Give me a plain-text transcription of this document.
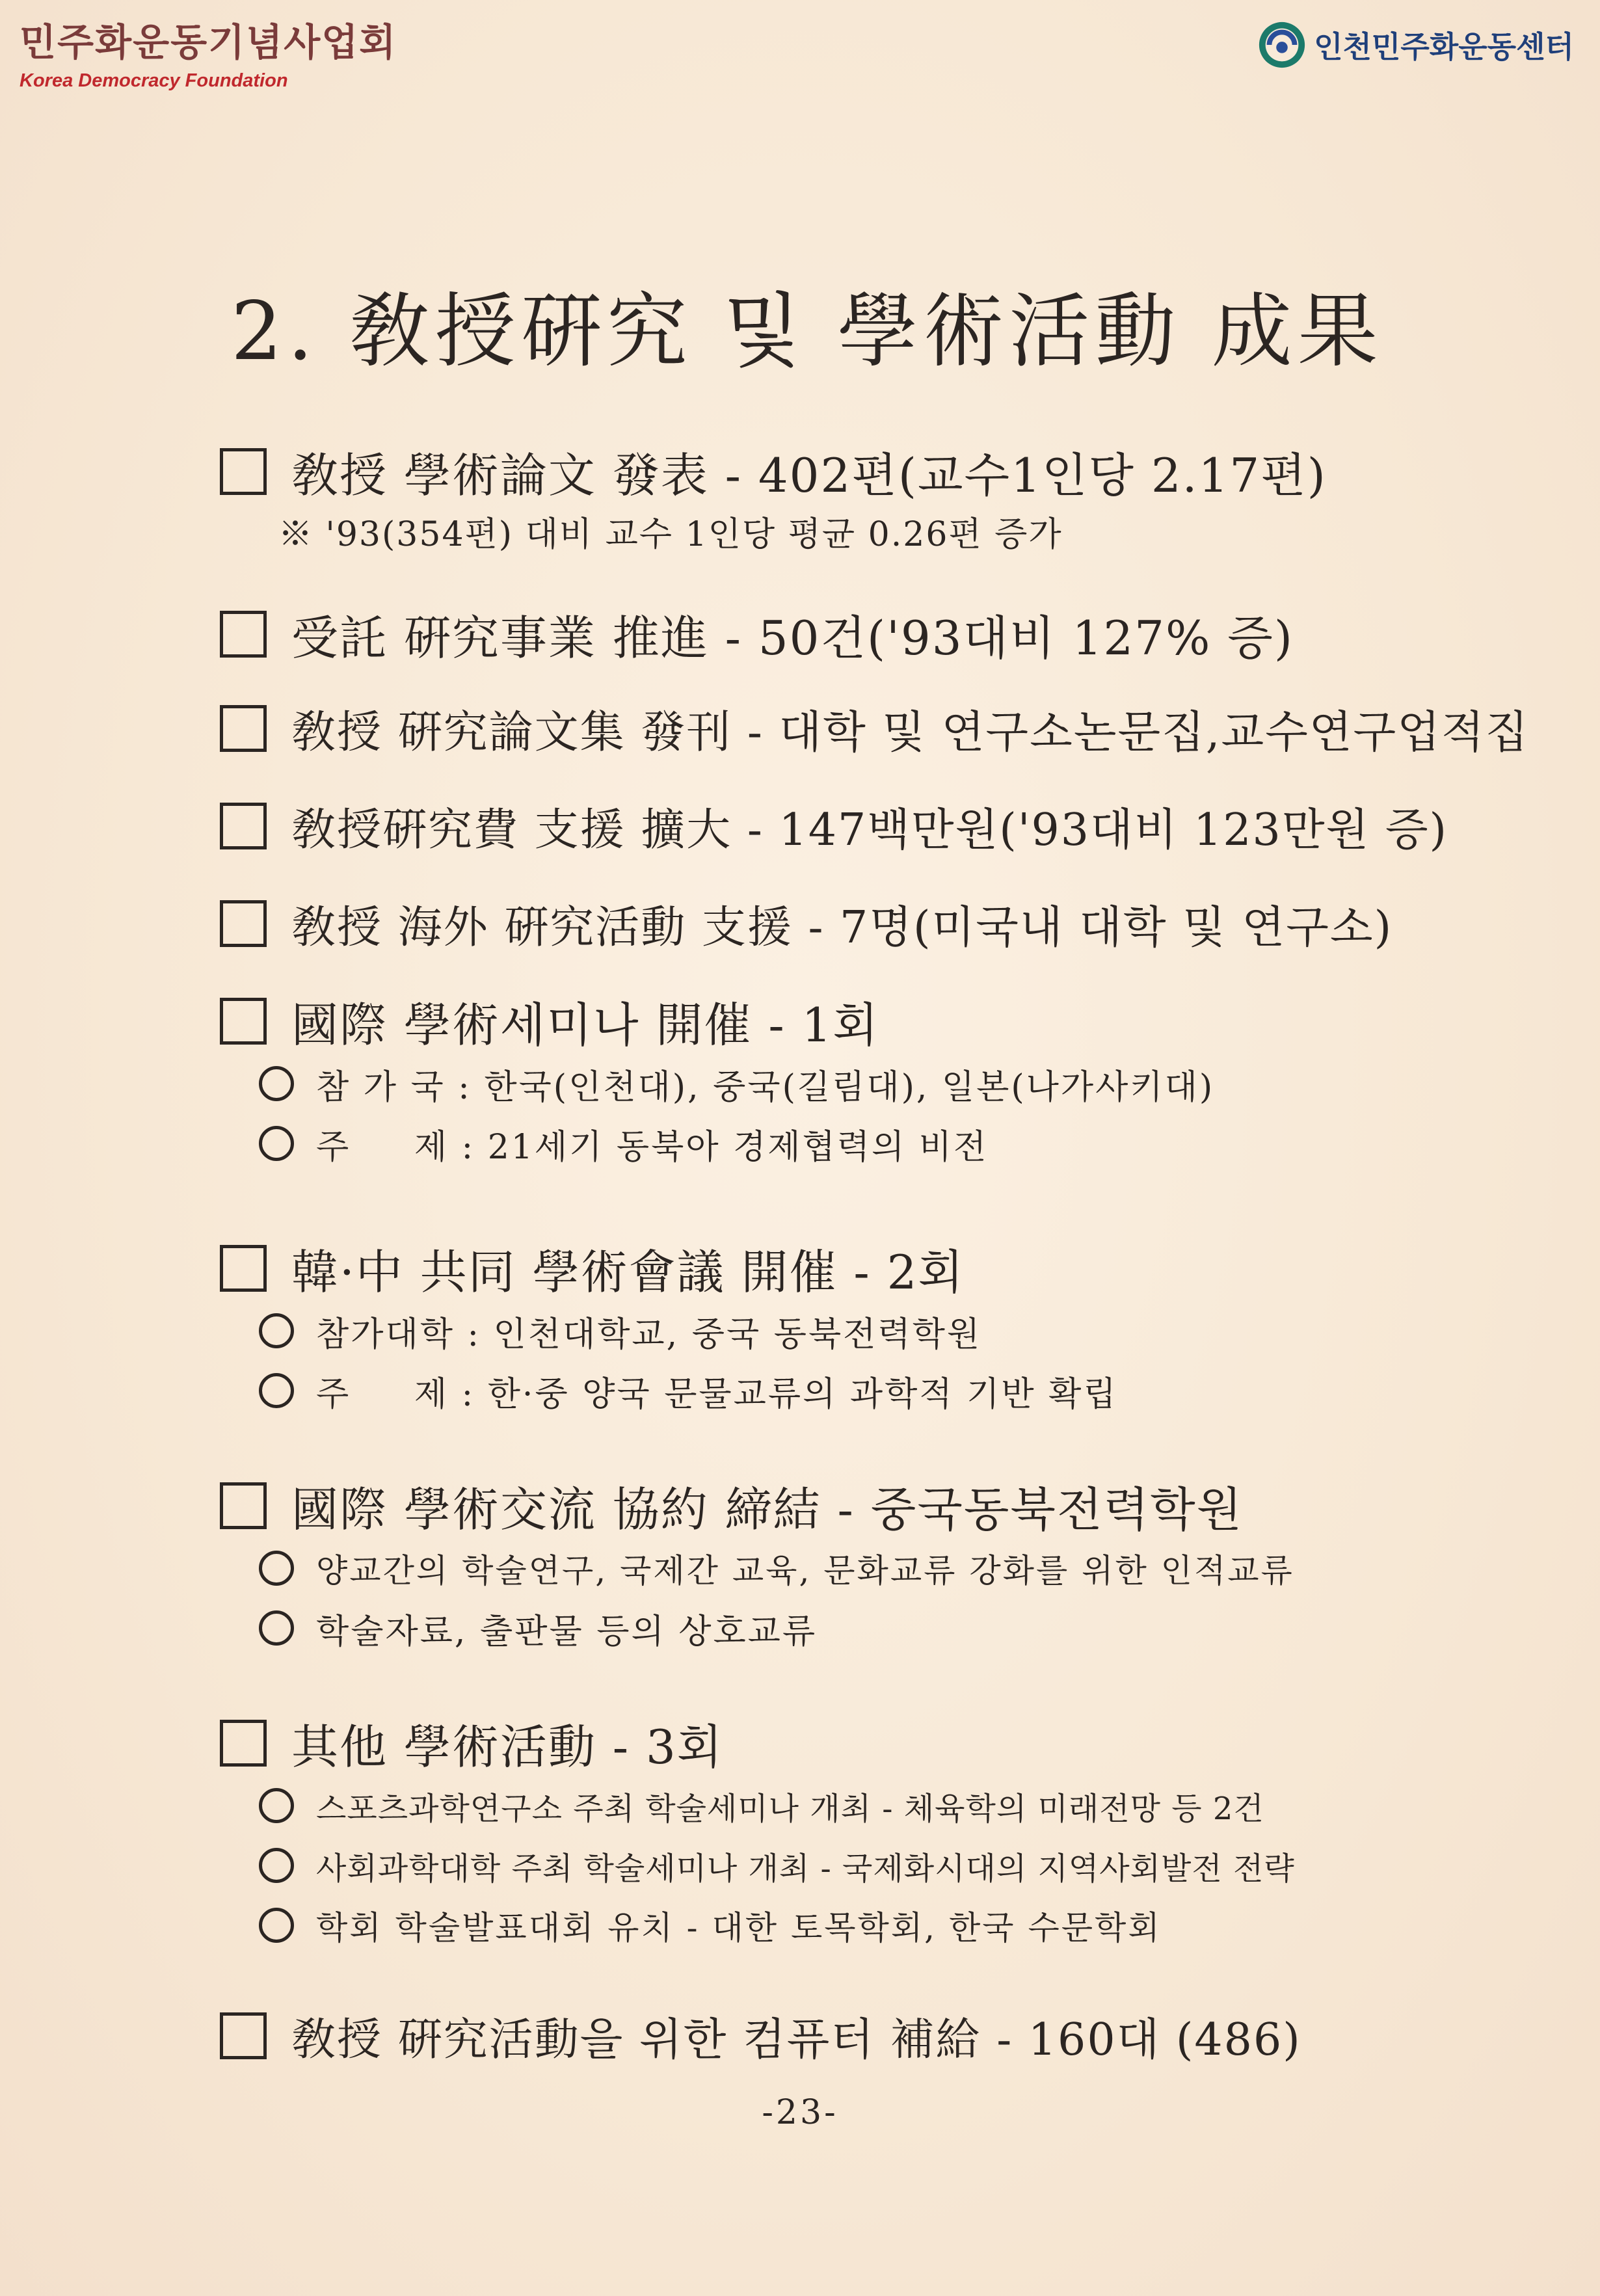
민주화운동기념사업회
Korea Democracy Foundation
인천민주화운동센터
2. 敎授硏究 및 學術活動 成果
敎授 學術論文 發表 - 402편(교수1인당 2.17편)
※ '93(354편) 대비 교수 1인당 평균 0.26편 증가
受託 硏究事業 推進 - 50건('93대비 127% 증)
敎授 硏究論文集 發刊 - 대학 및 연구소논문집,교수연구업적집
敎授硏究費 支援 擴大 - 147백만원('93대비 123만원 증)
敎授 海外 硏究活動 支援 - 7명(미국내 대학 및 연구소)
國際 學術세미나 開催 - 1회
참 가 국 : 한국(인천대), 중국(길림대), 일본(나가사키대)
주     제 : 21세기 동북아 경제협력의 비전
韓·中 共同 學術會議 開催 - 2회
참가대학 : 인천대학교, 중국 동북전력학원
주     제 : 한·중 양국 문물교류의 과학적 기반 확립
國際 學術交流 協約 締結 - 중국동북전력학원
양교간의 학술연구, 국제간 교육, 문화교류 강화를 위한 인적교류
학술자료, 출판물 등의 상호교류
其他 學術活動 - 3회
스포츠과학연구소 주최 학술세미나 개최 - 체육학의 미래전망 등 2건
사회과학대학 주최 학술세미나 개최 - 국제화시대의 지역사회발전 전략
학회 학술발표대회 유치 - 대한 토목학회, 한국 수문학회
敎授 硏究活動을 위한 컴퓨터 補給 - 160대 (486)
-23-
